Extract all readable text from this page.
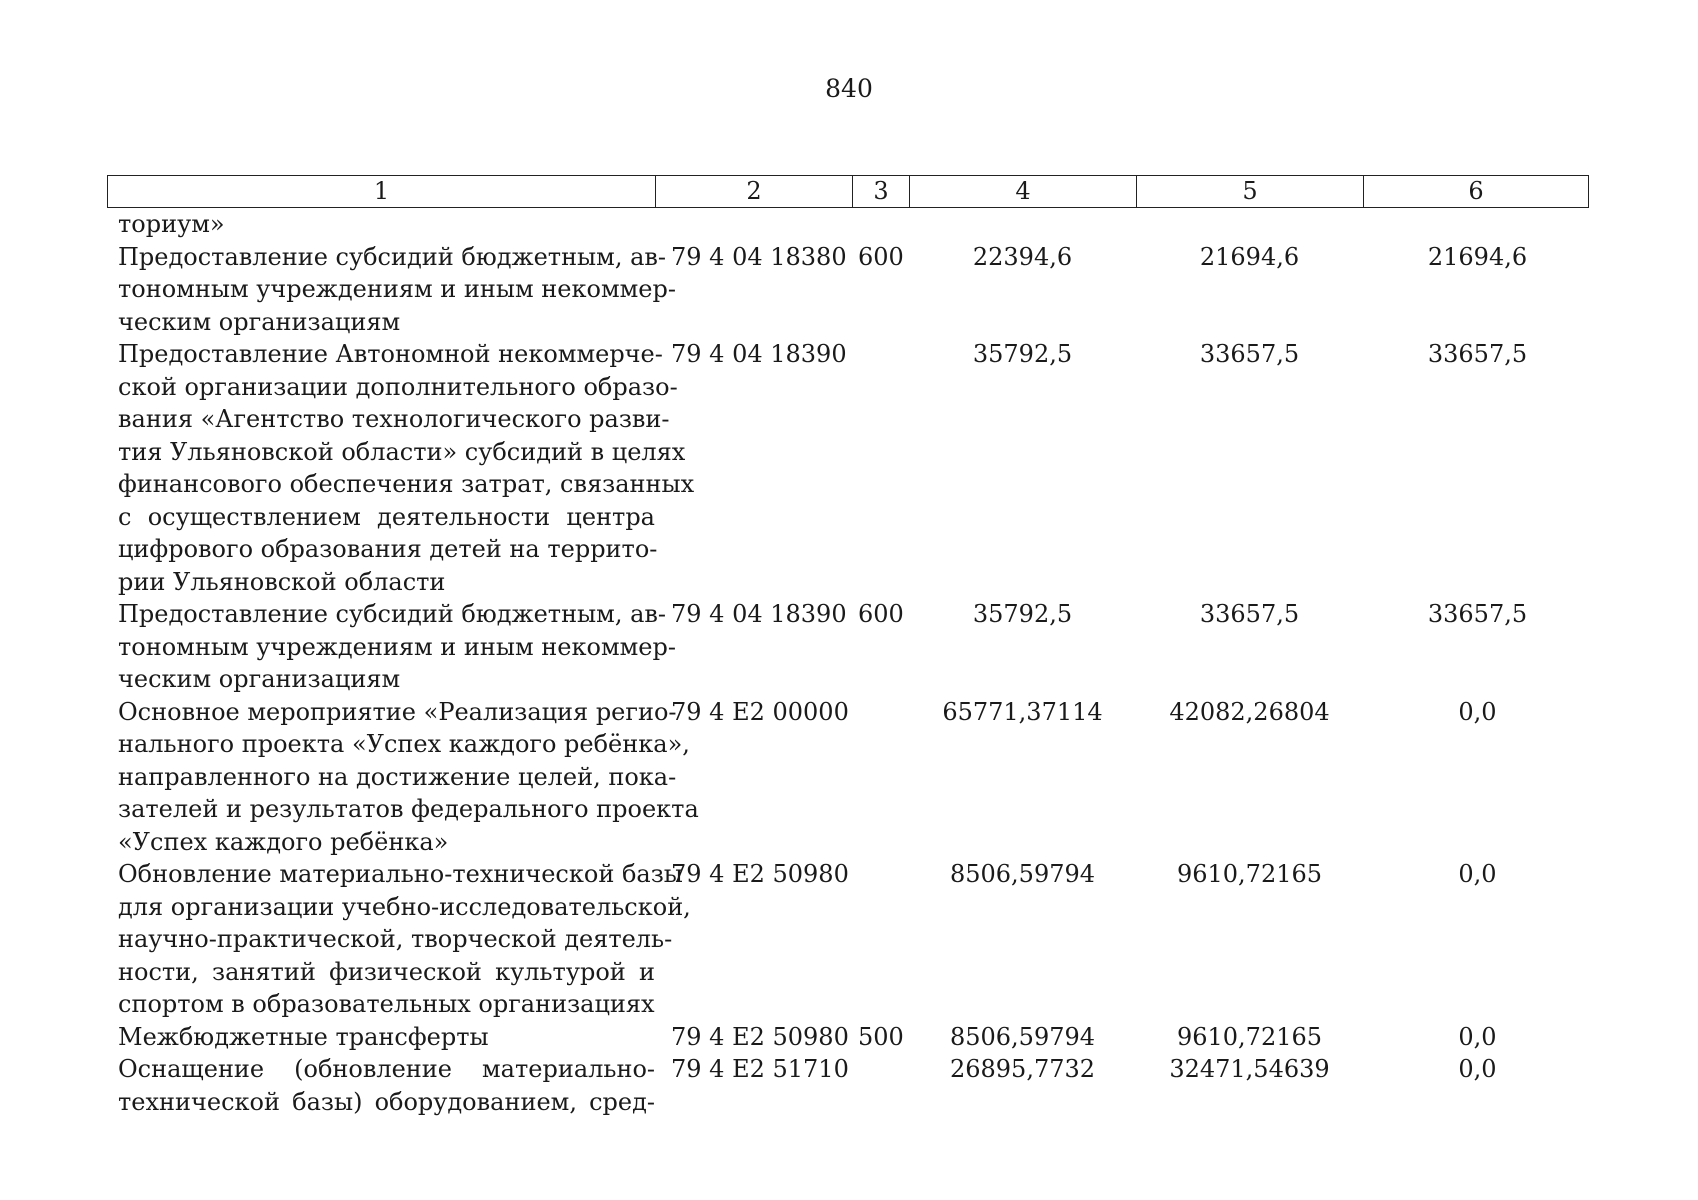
840
1	2	3	4	5	6
ториум»
Предоставление субсидий бюджетным, ав-
тономным учреждениям и иным некоммер-
ческим организациям
79 4 04 18380 600	22394,6	21694,6	21694,6
Предоставление Автономной некоммерче-
ской организации дополнительного образо-
вания «Агентство технологического разви-
тия Ульяновской области» субсидий в целях
финансового обеспечения затрат, связанных
с осуществлением деятельности центра
цифрового образования детей на террито-
рии Ульяновской области
79 4 04 18390	35792,5	33657,5	33657,5
Предоставление субсидий бюджетным, ав-
тономным учреждениям и иным некоммер-
ческим организациям
79 4 04 18390 600	35792,5	33657,5	33657,5
Основное мероприятие «Реализация регио-
нального проекта «Успех каждого ребёнка»,
направленного на достижение целей, пока-
зателей и результатов федерального проекта
«Успех каждого ребёнка»
79 4 E2 00000	65771,37114	42082,26804	0,0
Обновление материально-технической базы
для организации учебно-исследовательской,
научно-практической, творческой деятель-
ности, занятий физической культурой и
спортом в образовательных организациях
79 4 E2 50980	8506,59794	9610,72165	0,0
Межбюджетные трансферты	79 4 E2 50980 500	8506,59794	9610,72165	0,0
Оснащение (обновление материально-
технической базы) оборудованием, сред-
79 4 E2 51710	26895,7732	32471,54639	0,0
